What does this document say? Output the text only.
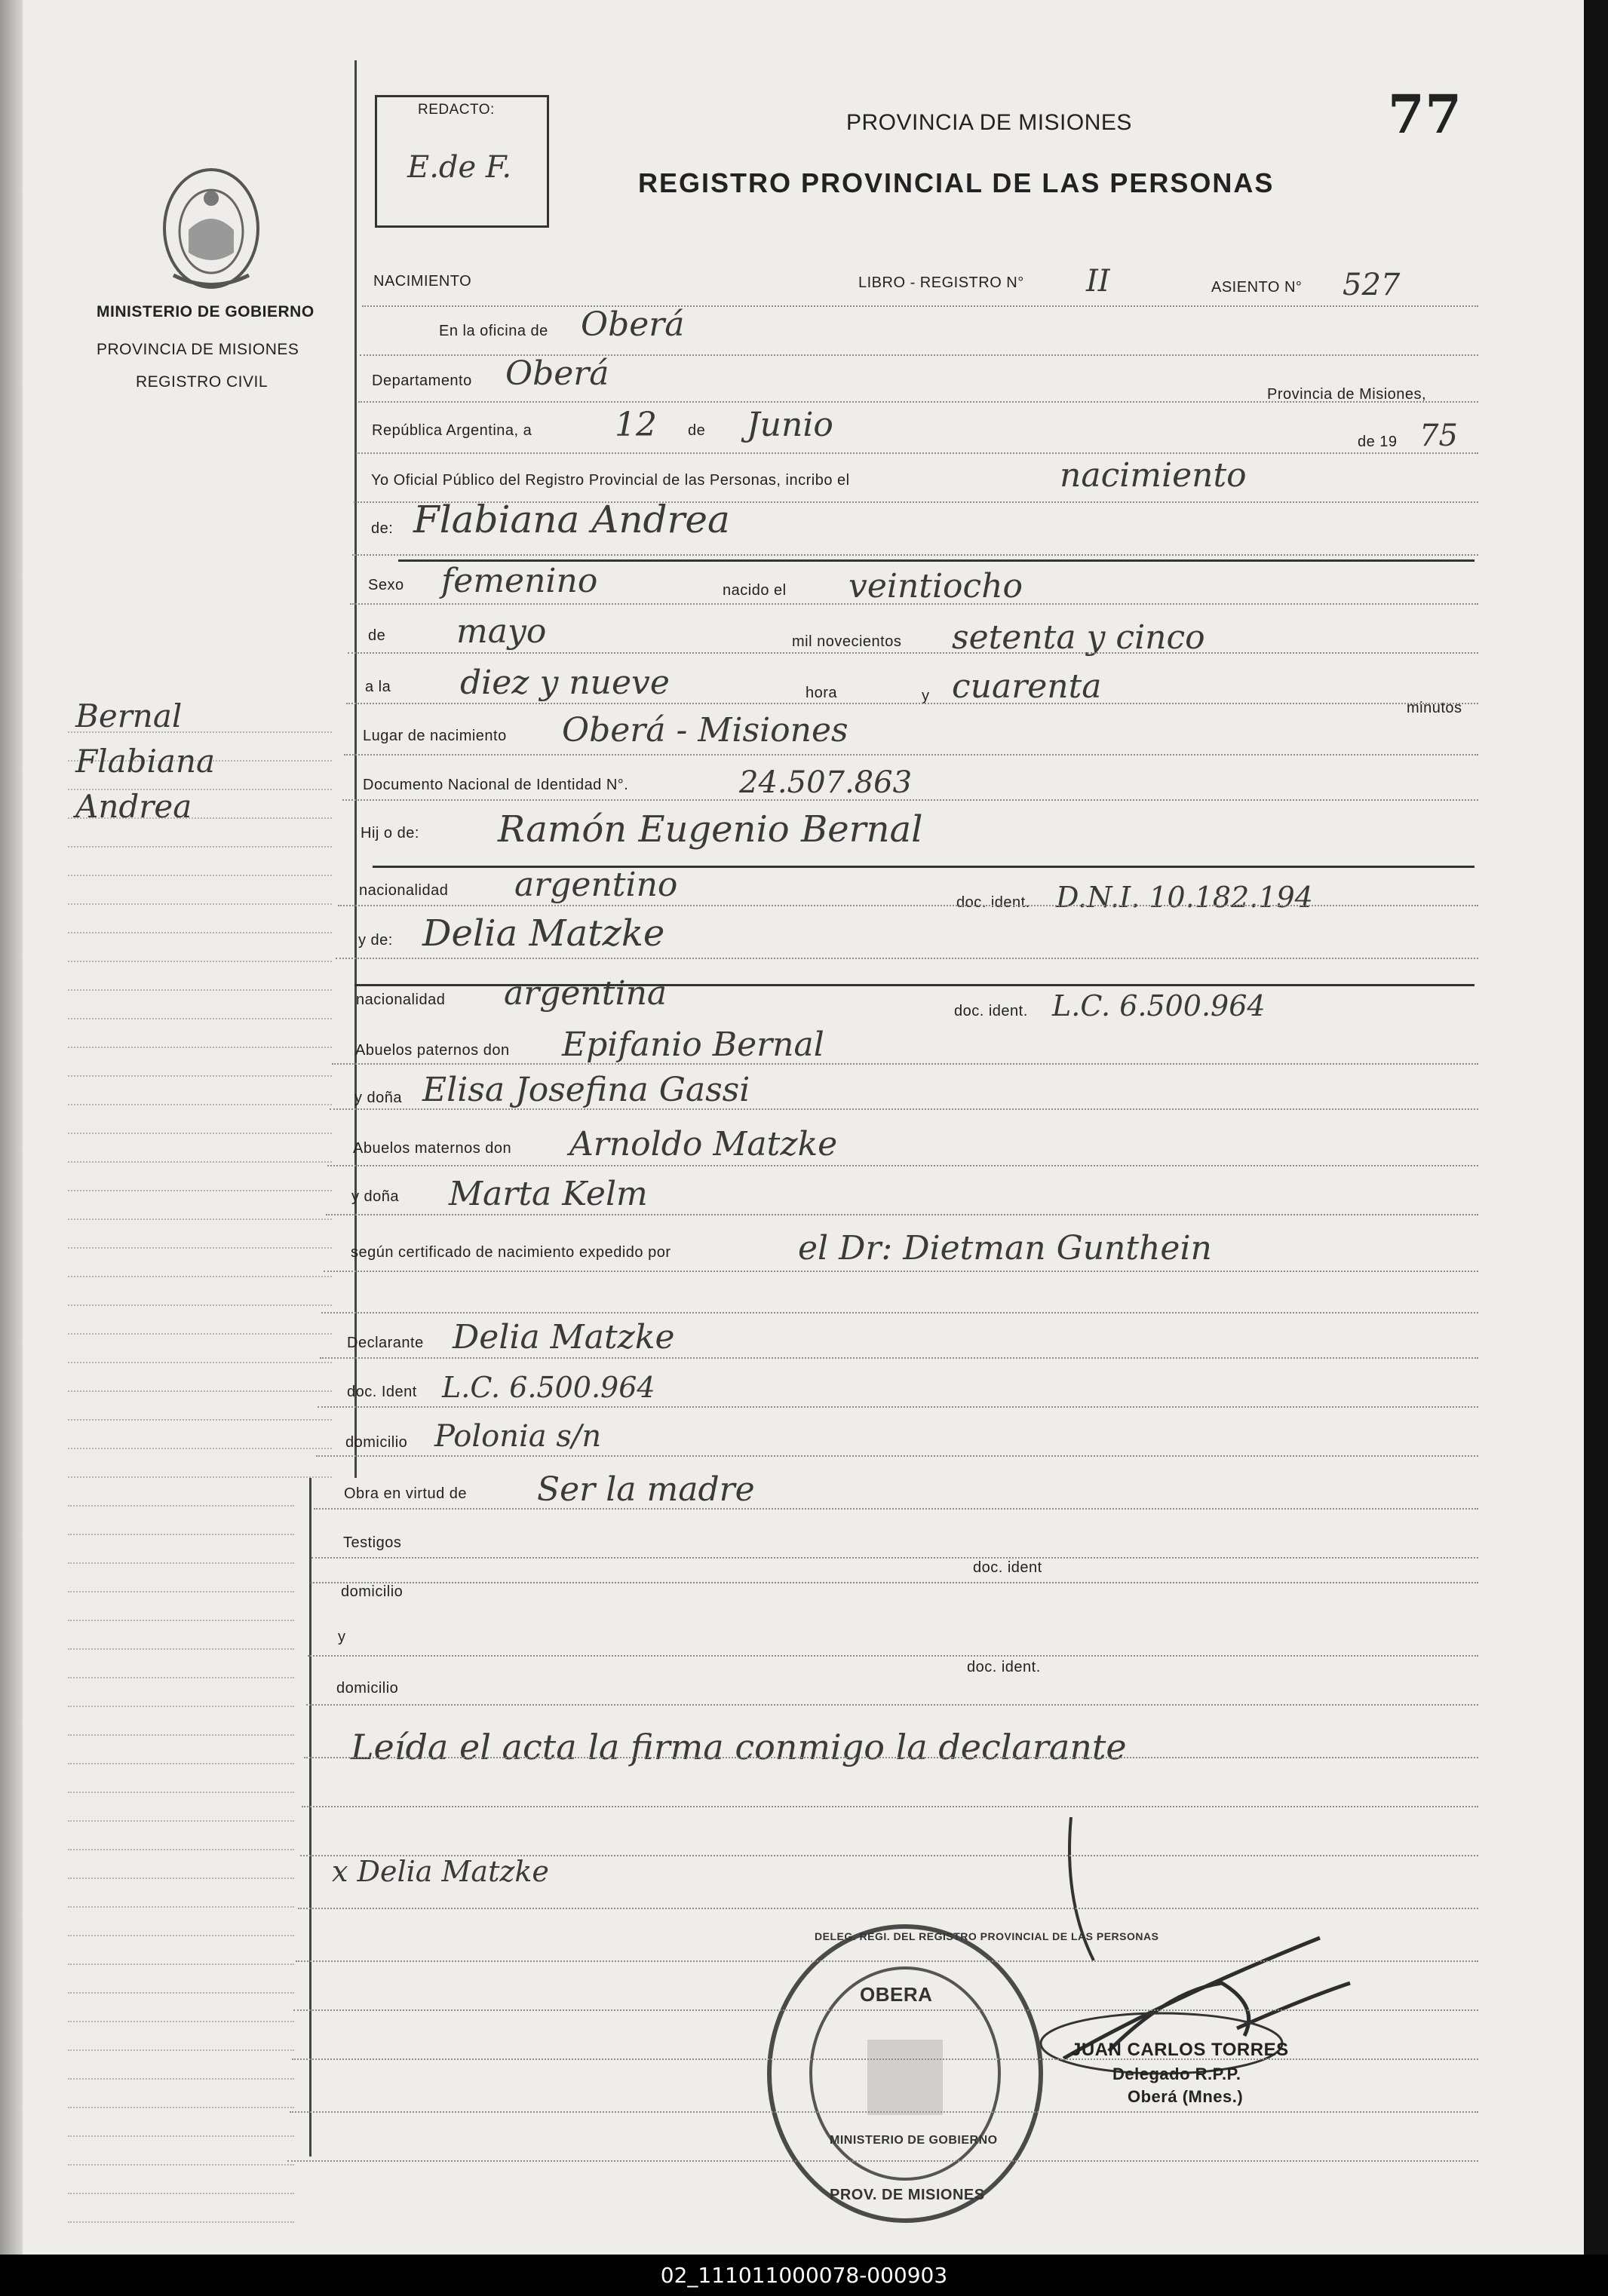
MINISTERIO DE GOBIERNO
PROVINCIA DE MISIONES
REGISTRO CIVIL
Bernal
Flabiana
Andrea
REDACTO:
E.de F.
PROVINCIA DE MISIONES	77
REGISTRO PROVINCIAL DE LAS PERSONAS
NACIMIENTO	LIBRO - REGISTRO N° II	ASIENTO N° 527
En la oficina de Oberá
Departamento Oberá
Provincia de Misiones,
República Argentina, a 12 de Junio	de 19 75
Yo Oficial Público del Registro Provincial de las Personas, incribo el	nacimiento
de: Flabiana Andrea
Sexo femenino	nacido el veintiocho
de mayo	mil novecientos setenta y cinco
a la diez y nueve	hora	y cuarenta
minutos
Lugar de nacimiento Oberá - Misiones
Documento Nacional de Identidad N°.	24.507.863
Hij o de: Ramón Eugenio Bernal
nacionalidad argentino	doc. ident. D.N.I. 10.182.194
y de: Delia Matzke
nacionalidad argentina	doc. ident. L.C. 6.500.964
Abuelos paternos don Epifanio Bernal
y doña Elisa Josefina Gassi
Abuelos maternos don Arnoldo Matzke
y doña Marta Kelm
según certificado de nacimiento expedido por	el Dr: Dietman Gunthein
Declarante Delia Matzke
doc. Ident L.C. 6.500.964
domicilio Polonia s/n
Obra en virtud de Ser la madre
Testigos
doc. ident
domicilio
y
doc. ident.
domicilio
Leída el acta la firma conmigo la declarante
x Delia Matzke
DELEG. REGI. DEL REGISTRO PROVINCIAL DE LAS PERSONAS
OBERA
MINISTERIO DE GOBIERNO
PROV. DE MISIONES
JUAN CARLOS TORRES
Delegado R.P.P.
Oberá (Mnes.)
02_111011000078-000903
